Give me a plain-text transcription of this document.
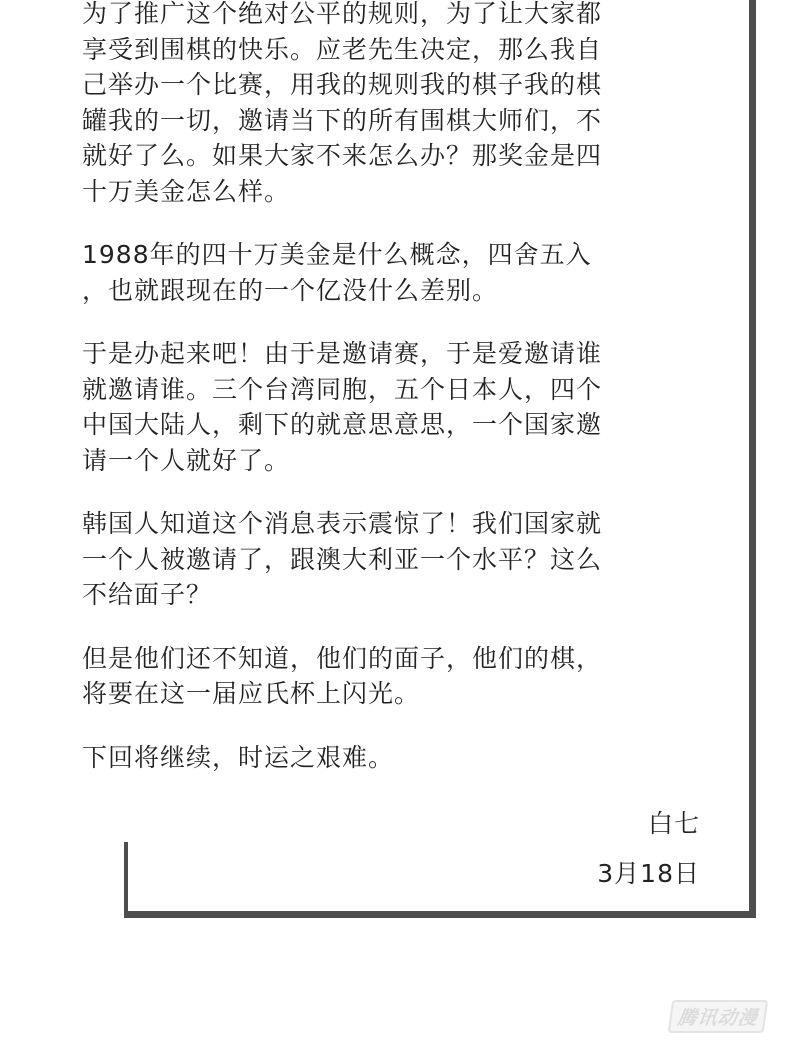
为了推广这个绝对公平的规则，为了让大家都
享受到围棋的快乐。应老先生决定，那么我自
己举办一个比赛，用我的规则我的棋子我的棋
罐我的一切，邀请当下的所有围棋大师们，不
就好了么。如果大家不来怎么办？那奖金是四
十万美金怎么样。

1988年的四十万美金是什么概念，四舍五入
，也就跟现在的一个亿没什么差别。

于是办起来吧！由于是邀请赛，于是爱邀请谁
就邀请谁。三个台湾同胞，五个日本人，四个
中国大陆人，剩下的就意思意思，一个国家邀
请一个人就好了。

韩国人知道这个消息表示震惊了！我们国家就
一个人被邀请了，跟澳大利亚一个水平？这么
不给面子？

但是他们还不知道，他们的面子，他们的棋，
将要在这一届应氏杯上闪光。

下回将继续，时运之艰难。

白七
3月18日
腾讯动漫
